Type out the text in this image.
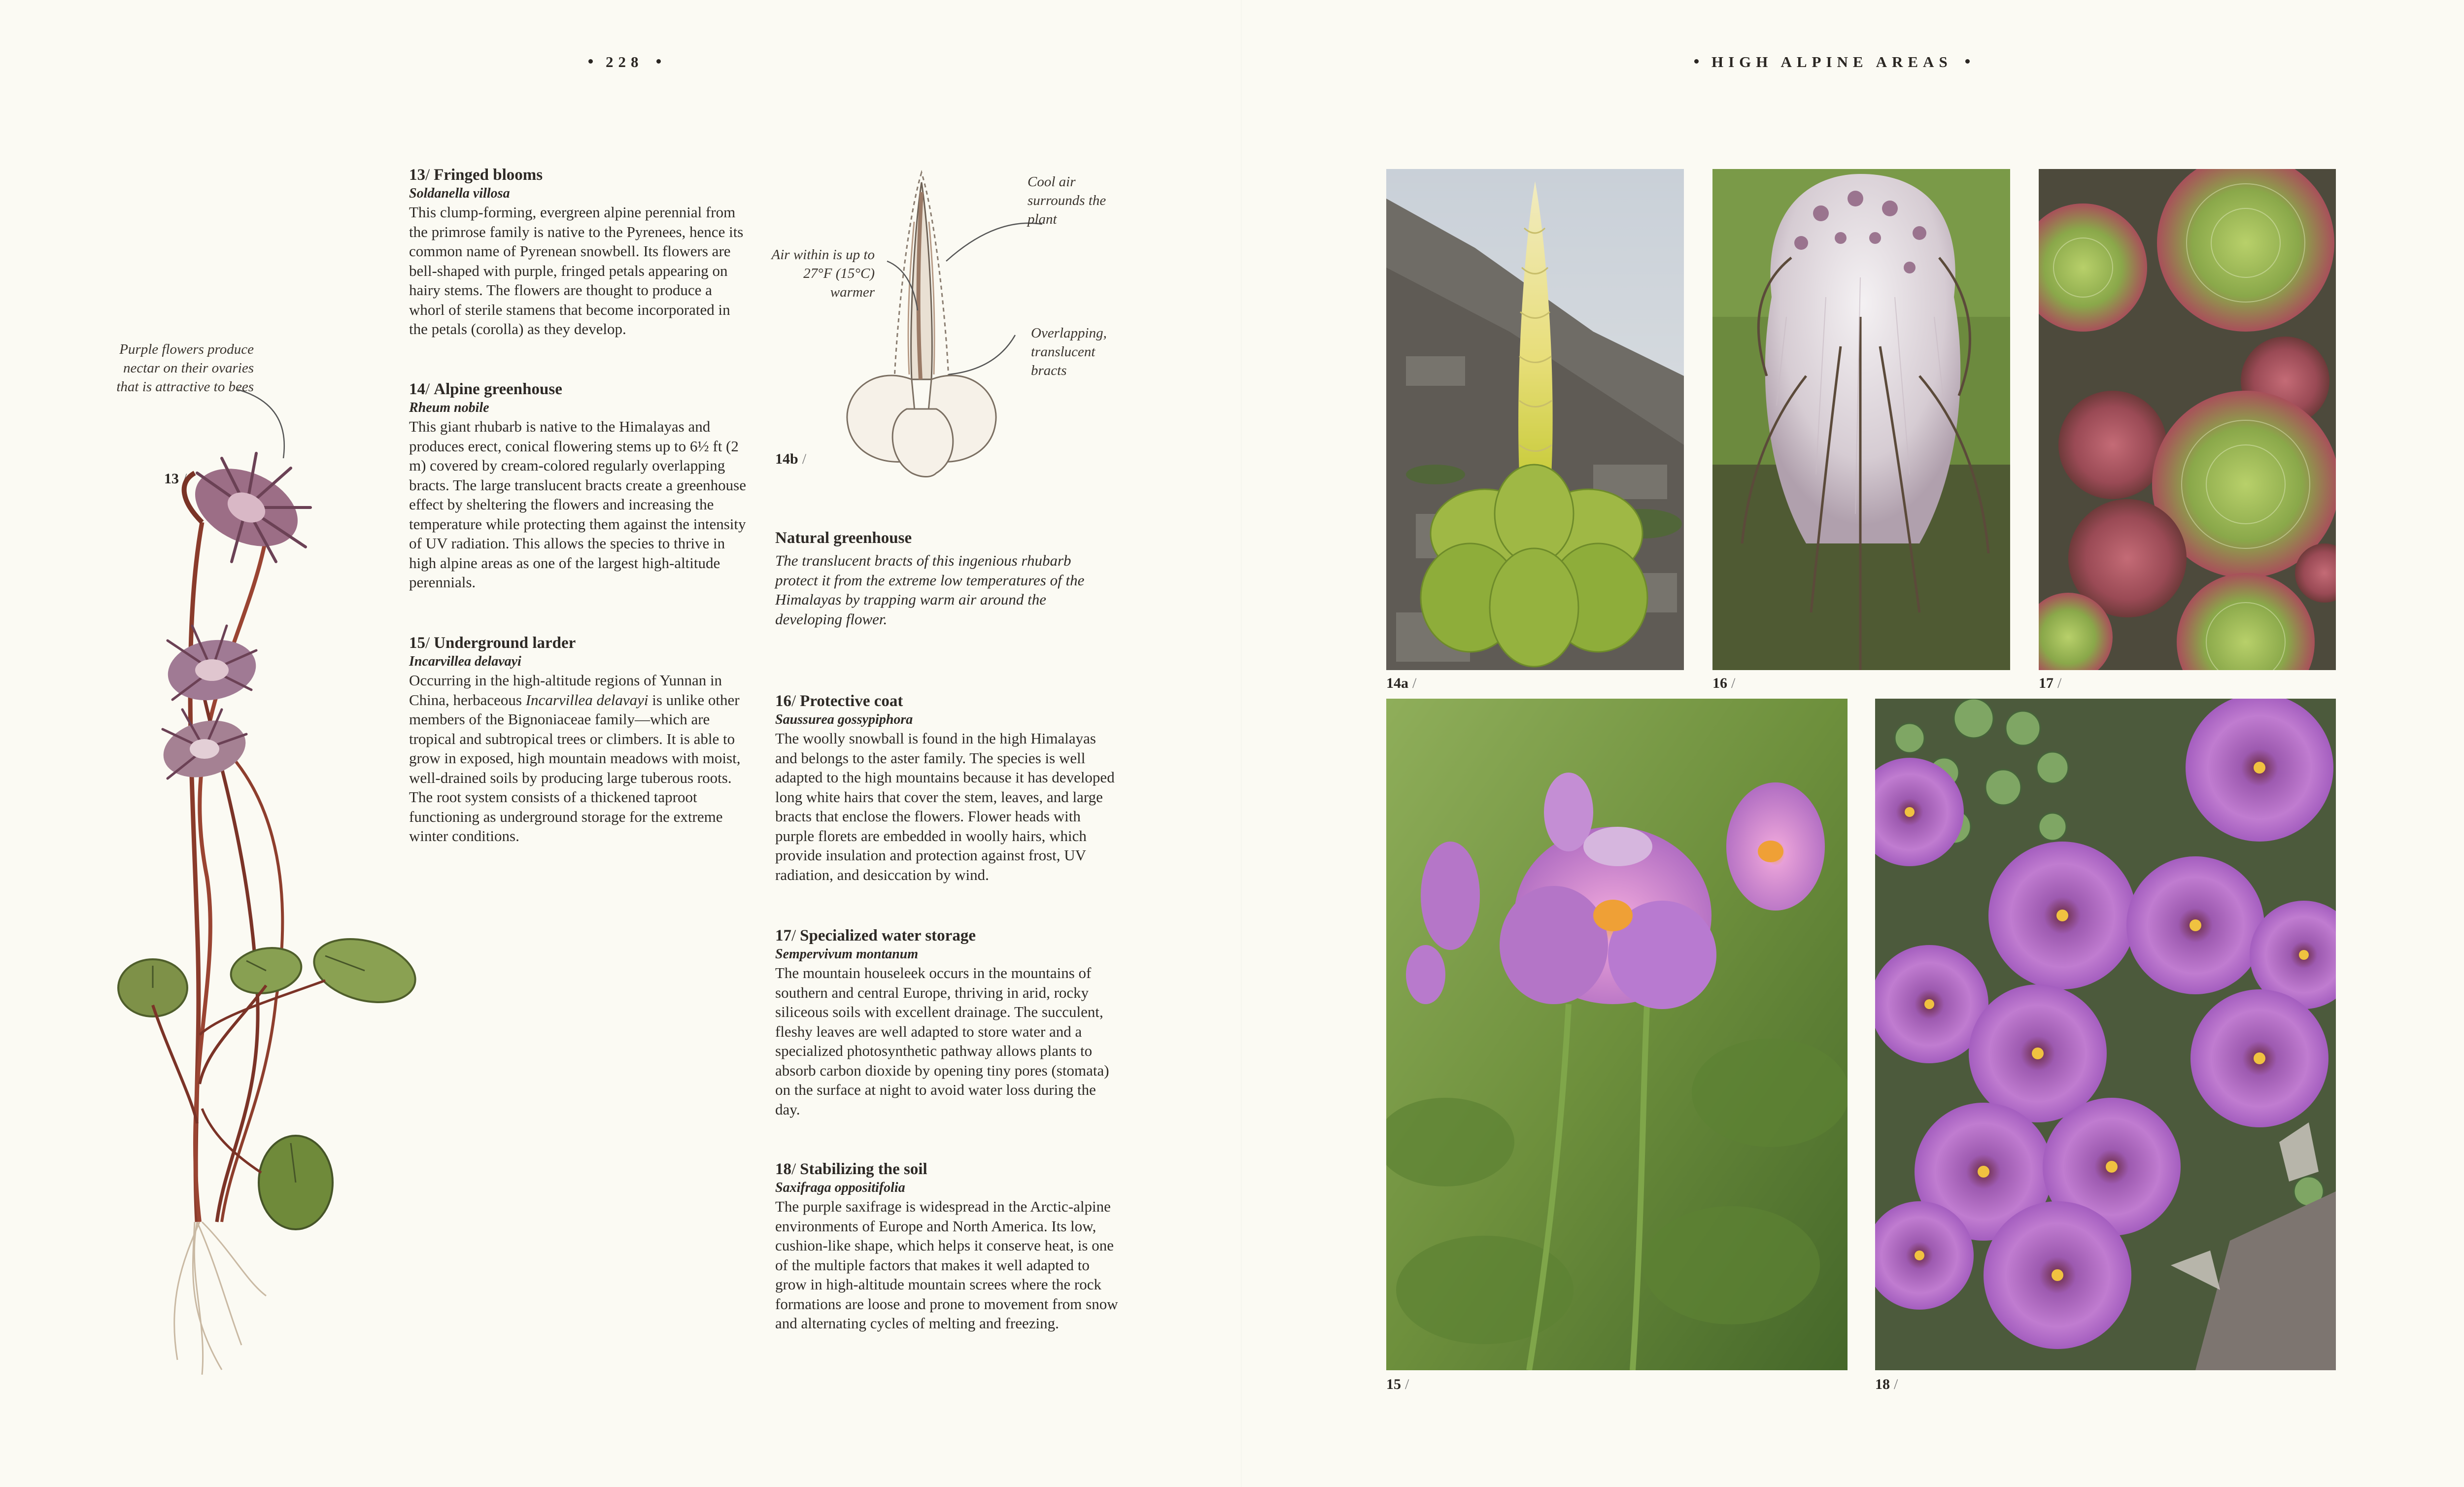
228	HIGH ALPINE AREAS
Purple flowers produce nectar on their ovaries that is attractive to bees
13 /
13/ Fringed blooms
Soldanella villosa

This clump-forming, evergreen alpine perennial from the primrose family is native to the Pyrenees, hence its common name of Pyrenean snowbell. Its flowers are bell-shaped with purple, fringed petals appearing on hairy stems. The flowers are thought to produce a whorl of sterile stamens that become incorporated in the petals (corolla) as they develop.

14/ Alpine greenhouse
Rheum nobile

This giant rhubarb is native to the Himalayas and produces erect, conical flowering stems up to 6½ ft (2 m) covered by cream-colored regularly overlapping bracts. The large translucent bracts create a greenhouse effect by sheltering the flowers and increasing the temperature while protecting them against the intensity of UV radiation. This allows the species to thrive in high alpine areas as one of the largest high-altitude perennials.

15/ Underground larder
Incarvillea delavayi

Occurring in the high-altitude regions of Yunnan in China, herbaceous Incarvillea delavayi is unlike other members of the Bignoniaceae family—which are tropical and subtropical trees or climbers. It is able to grow in exposed, high mountain meadows with moist, well-drained soils by producing large tuberous roots. The root system consists of a thickened taproot functioning as underground storage for the extreme winter conditions.

Cool air surrounds the plant
Air within is up to 27°F (15°C) warmer
Overlapping, translucent bracts
14b /
Natural greenhouse

The translucent bracts of this ingenious rhubarb protect it from the extreme low temperatures of the Himalayas by trapping warm air around the developing flower.

16/ Protective coat
Saussurea gossypiphora

The woolly snowball is found in the high Himalayas and belongs to the aster family. The species is well adapted to the high mountains because it has developed long white hairs that cover the stem, leaves, and large bracts that enclose the flowers. Flower heads with purple florets are embedded in woolly hairs, which provide insulation and protection against frost, UV radiation, and desiccation by wind.

17/ Specialized water storage
Sempervivum montanum

The mountain houseleek occurs in the mountains of southern and central Europe, thriving in arid, rocky siliceous soils with excellent drainage. The succulent, fleshy leaves are well adapted to store water and a specialized photosynthetic pathway allows plants to absorb carbon dioxide by opening tiny pores (stomata) on the surface at night to avoid water loss during the day.

18/ Stabilizing the soil
Saxifraga oppositifolia

The purple saxifrage is widespread in the Arctic-alpine environments of Europe and North America. Its low, cushion-like shape, which helps it conserve heat, is one of the multiple factors that makes it well adapted to grow in high-altitude mountain screes where the rock formations are loose and prone to movement from snow and alternating cycles of melting and freezing.

14a /	16 /	17 /
15 /	18 /
